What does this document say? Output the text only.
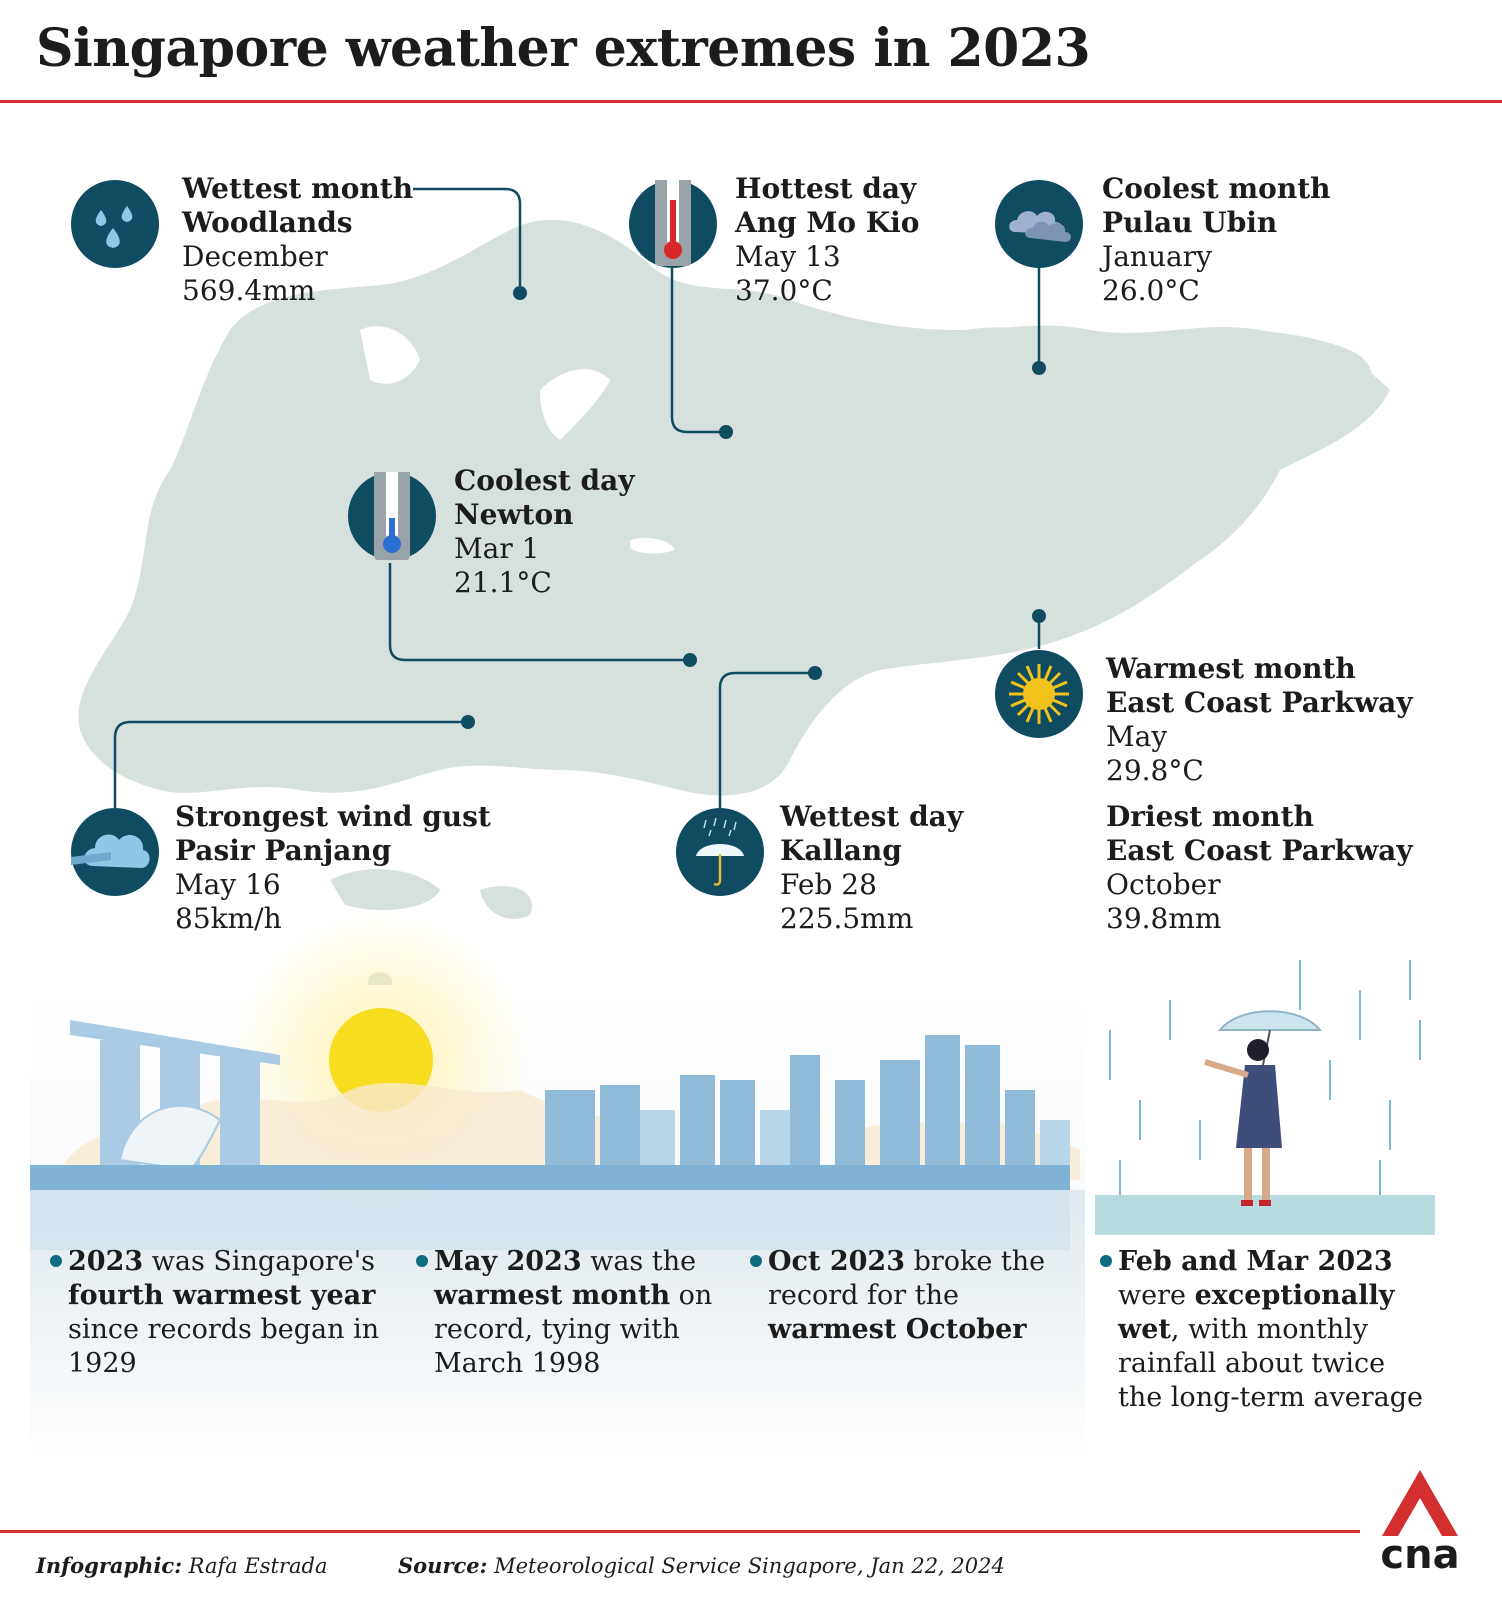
Singapore weather extremes in 2023
Wettest month
Woodlands
December
569.4mm
Hottest day
Ang Mo Kio
May 13
37.0°C
Coolest month
Pulau Ubin
January
26.0°C
Coolest day
Newton
Mar 1
21.1°C
Warmest month
East Coast Parkway
May
29.8°C
Driest month
East Coast Parkway
October
39.8mm
Strongest wind gust
Pasir Panjang
May 16
85km/h
Wettest day
Kallang
Feb 28
225.5mm
2023 was Singapore's
fourth warmest year
since records began in
1929
May 2023 was the
warmest month on
record, tying with
March 1998
Oct 2023 broke the
record for the
warmest October
Feb and Mar 2023
were exceptionally
wet, with monthly
rainfall about twice
the long-term average
Infographic: Rafa Estrada	Source: Meteorological Service Singapore, Jan 22, 2024	cna
